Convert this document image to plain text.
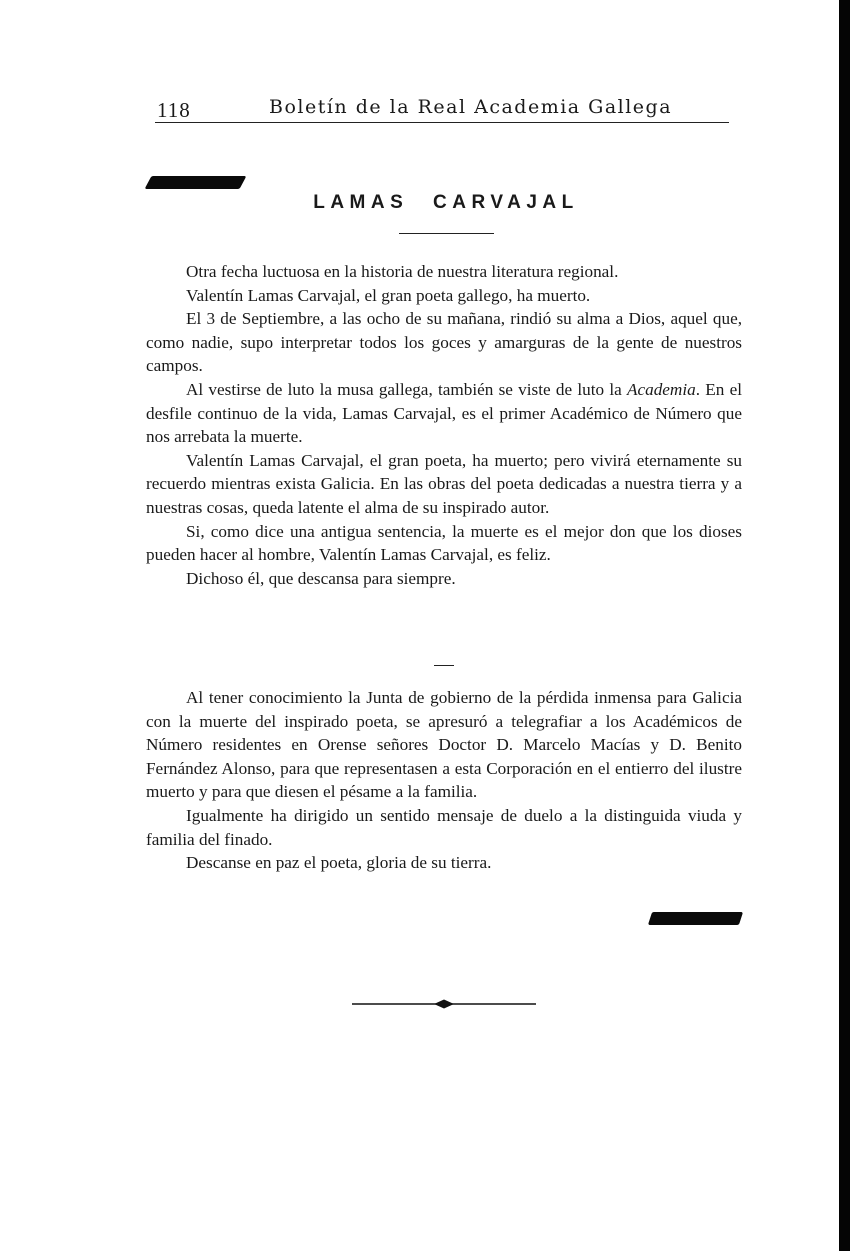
118	Boletín de la Real Academia Gallega
LAMAS CARVAJAL

Otra fecha luctuosa en la historia de nuestra literatura regional.

Valentín Lamas Carvajal, el gran poeta gallego, ha muerto.

El 3 de Septiembre, a las ocho de su mañana, rindió su alma a Dios, aquel que, como nadie, supo interpretar todos los goces y amarguras de la gente de nuestros campos.

Al vestirse de luto la musa gallega, también se viste de luto la Academia. En el desfile continuo de la vida, Lamas Carvajal, es el primer Académico de Número que nos arrebata la muerte.

Valentín Lamas Carvajal, el gran poeta, ha muerto; pero vivirá eternamente su recuerdo mientras exista Galicia. En las obras del poeta dedicadas a nuestra tierra y a nuestras cosas, queda latente el alma de su inspirado autor.

Si, como dice una antigua sentencia, la muerte es el mejor don que los dioses pueden hacer al hombre, Valentín Lamas Carvajal, es feliz.

Dichoso él, que descansa para siempre.

Al tener conocimiento la Junta de gobierno de la pérdida inmensa para Galicia con la muerte del inspirado poeta, se apresuró a telegrafiar a los Académicos de Número residentes en Orense señores Doctor D. Marcelo Macías y D. Benito Fernández Alonso, para que representasen a esta Corporación en el entierro del ilustre muerto y para que diesen el pésame a la familia.

Igualmente ha dirigido un sentido mensaje de duelo a la distinguida viuda y familia del finado.

Descanse en paz el poeta, gloria de su tierra.
